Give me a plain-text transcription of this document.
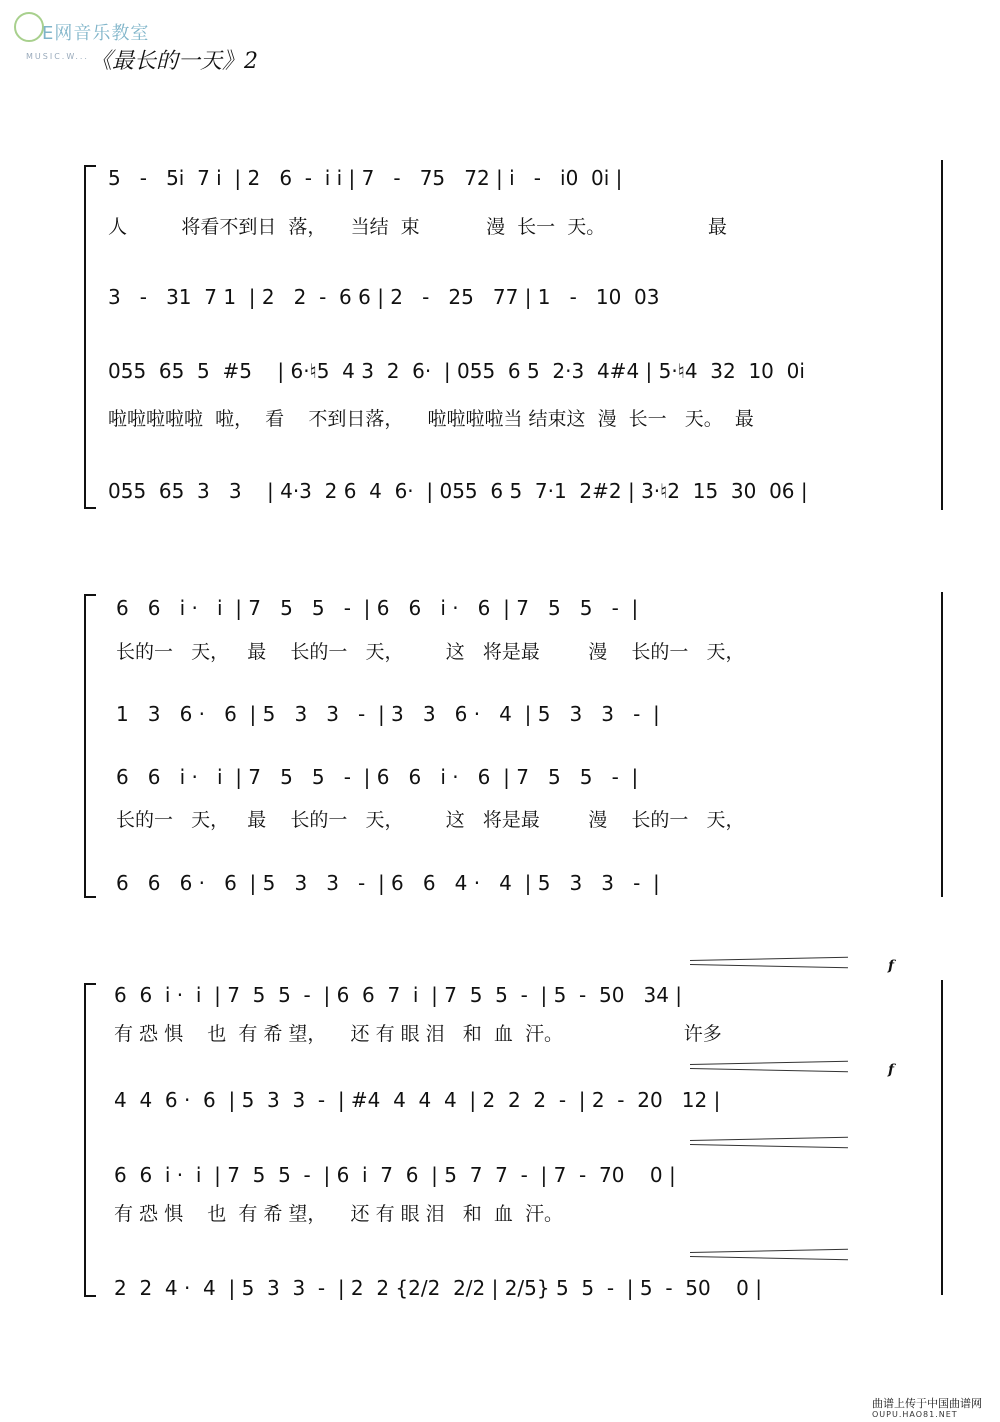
E网音乐教室
MUSIC.W... 《最长的一天》2
5   -   5i  7 i  | 2   6  -  i i | 7   -   75   72 | i   -   i0  0i |
人         将看不到日  落，    当结  束           漫  长一  天。                 最
3   -   31  7 1  | 2   2  -  6 6 | 2   -   25   77 | 1   -   10  03
055  65  5  #5    | 6·♮5  4 3  2  6·  | 055  6 5  2·3  4#4 | 5·♮4  32  10  0i
啦啦啦啦啦  啦，  看    不到日落，    啦啦啦啦当 结束这  漫  长一   天。  最
055  65  3   3    | 4·3  2 6  4  6·  | 055  6 5  7·1  2#2 | 3·♮2  15  30  06 |
6   6   i ·   i  | 7   5   5   -  | 6   6   i ·   6  | 7   5   5   -  |
长的一   天，   最    长的一   天，       这   将是最        漫    长的一   天，
1   3   6 ·   6  | 5   3   3   -  | 3   3   6 ·   4  | 5   3   3   -  |
6   6   i ·   i  | 7   5   5   -  | 6   6   i ·   6  | 7   5   5   -  |
长的一   天，   最    长的一   天，       这   将是最        漫    长的一   天，
6   6   6 ·   6  | 5   3   3   -  | 6   6   4 ·   4  | 5   3   3   -  |
6  6  i ·  i  | 7  5  5  -  | 6  6  7  i  | 7  5  5  -  | 5  -  50   34 |
有 恐 惧    也  有 希 望，    还 有 眼 泪   和  血  汗。                    许多
4  4  6 ·  6  | 5  3  3  -  | #4  4  4  4  | 2  2  2  -  | 2  -  20   12 |
6  6  i ·  i  | 7  5  5  -  | 6  i  7  6  | 5  7  7  -  | 7  -  70    0 |
有 恐 惧    也  有 希 望，    还 有 眼 泪   和  血  汗。
2  2  4 ·  4  | 5  3  3  -  | 2  2 {2/2  2/2 | 2/5} 5  5  -  | 5  -  50    0 |
f
f
曲谱上传于中国曲谱网
OUPU.HAO81.NET
